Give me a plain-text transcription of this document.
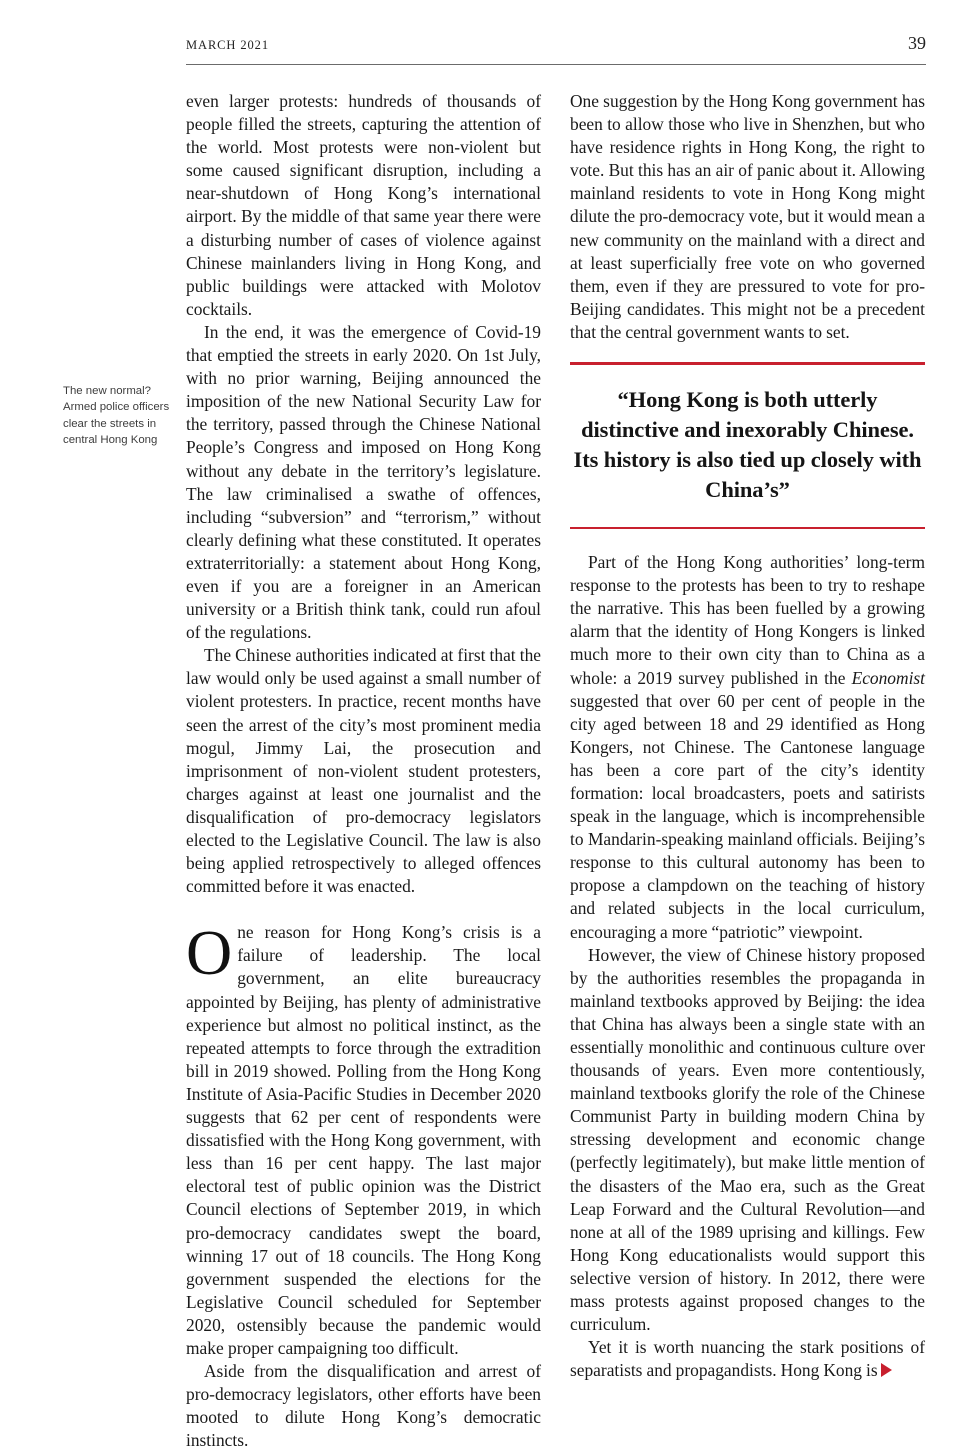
MARCH 2021	39
The new normal? Armed police officers clear the streets in central Hong Kong

even larger protests: hundreds of thousands of people filled the streets, capturing the attention of the world. Most protests were non-violent but some caused significant disruption, including a near-shutdown of Hong Kong’s international airport. By the middle of that same year there were a disturbing number of cases of violence against Chinese mainlanders living in Hong Kong, and public buildings were attacked with Molotov cocktails.

In the end, it was the emergence of Covid-19 that emptied the streets in early 2020. On 1st July, with no prior warning, Beijing announced the imposition of the new National Security Law for the territory, passed through the Chinese National People’s Congress and imposed on Hong Kong without any debate in the territory’s legislature. The law criminalised a swathe of offences, including “subversion” and “terrorism,” without clearly defining what these constituted. It operates extraterritorially: a statement about Hong Kong, even if you are a foreigner in an American university or a British think tank, could run afoul of the regulations.

The Chinese authorities indicated at first that the law would only be used against a small number of violent protesters. In practice, recent months have seen the arrest of the city’s most prominent media mogul, Jimmy Lai, the prosecution and imprisonment of non-violent student protesters, charges against at least one journalist and the disqualification of pro-democracy legislators elected to the Legislative Council. The law is also being applied retrospectively to alleged offences committed before it was enacted.

One reason for Hong Kong’s crisis is a failure of leadership. The local government, an elite bureaucracy appointed by Beijing, has plenty of administrative experience but almost no political instinct, as the repeated attempts to force through the extradition bill in 2019 showed. Polling from the Hong Kong Institute of Asia-Pacific Studies in December 2020 suggests that 62 per cent of respondents were dissatisfied with the Hong Kong government, with less than 16 per cent happy. The last major electoral test of public opinion was the District Council elections of September 2019, in which pro-democracy candidates swept the board, winning 17 out of 18 councils. The Hong Kong government suspended the elections for the Legislative Council scheduled for September 2020, ostensibly because the pandemic would make proper campaigning too difficult.

Aside from the disqualification and arrest of pro-democracy legislators, other efforts have been mooted to dilute Hong Kong’s democratic instincts.

One suggestion by the Hong Kong government has been to allow those who live in Shenzhen, but who have residence rights in Hong Kong, the right to vote. But this has an air of panic about it. Allowing mainland residents to vote in Hong Kong might dilute the pro-democracy vote, but it would mean a new community on the mainland with a direct and at least superficially free vote on who governed them, even if they are pressured to vote for pro-Beijing candidates. This might not be a precedent that the central government wants to set.

“Hong Kong is both utterly distinctive and inexorably Chinese. Its history is also tied up closely with China’s”

Part of the Hong Kong authorities’ long-term response to the protests has been to try to reshape the narrative. This has been fuelled by a growing alarm that the identity of Hong Kongers is linked much more to their own city than to China as a whole: a 2019 survey published in the Economist suggested that over 60 per cent of people in the city aged between 18 and 29 identified as Hong Kongers, not Chinese. The Cantonese language has been a core part of the city’s identity formation: local broadcasters, poets and satirists speak in the language, which is incomprehensible to Mandarin-speaking mainland officials. Beijing’s response to this cultural autonomy has been to propose a clampdown on the teaching of history and related subjects in the local curriculum, encouraging a more “patriotic” viewpoint.

However, the view of Chinese history proposed by the authorities resembles the propaganda in mainland textbooks approved by Beijing: the idea that China has always been a single state with an essentially monolithic and continuous culture over thousands of years. Even more contentiously, mainland textbooks glorify the role of the Chinese Communist Party in building modern China by stressing development and economic change (perfectly legitimately), but make little mention of the disasters of the Mao era, such as the Great Leap Forward and the Cultural Revolution—and none at all of the 1989 uprising and killings. Few Hong Kong educationalists would support this selective version of history. In 2012, there were mass protests against proposed changes to the curriculum.

Yet it is worth nuancing the stark positions of separatists and propagandists. Hong Kong is
